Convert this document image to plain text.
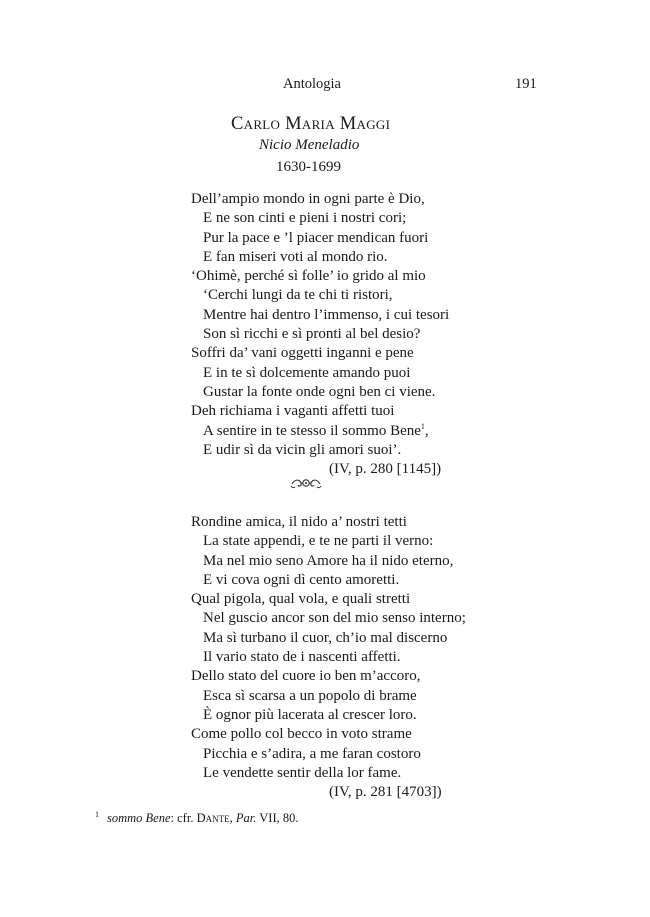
Antologia	191
Carlo Maria Maggi
Nicio Meneladio
1630-1699
Dell’ampio mondo in ogni parte è Dio,
E ne son cinti e pieni i nostri cori;
Pur la pace e ’l piacer mendican fuori
E fan miseri voti al mondo rio.
‘Ohimè, perché sì folle’ io grido al mio
‘Cerchi lungi da te chi ti ristori,
Mentre hai dentro l’immenso, i cui tesori
Son sì ricchi e sì pronti al bel desio?
Soffri da’ vani oggetti inganni e pene
E in te sì dolcemente amando puoi
Gustar la fonte onde ogni ben ci viene.
Deh richiama i vaganti affetti tuoi
A sentire in te stesso il sommo Bene$^1$,
E udir sì da vicin gli amori suoi’.
(IV, p. 280 [1145])
Rondine amica, il nido a’ nostri tetti
La state appendi, e te ne parti il verno:
Ma nel mio seno Amore ha il nido eterno,
E vi cova ogni dì cento amoretti.
Qual pigola, qual vola, e quali stretti
Nel guscio ancor son del mio senso interno;
Ma sì turbano il cuor, ch’io mal discerno
Il vario stato de i nascenti affetti.
Dello stato del cuore io ben m’accoro,
Esca sì scarsa a un popolo di brame
È ognor più lacerata al crescer loro.
Come pollo col becco in voto strame
Picchia e s’adira, a me faran costoro
Le vendette sentir della lor fame.
(IV, p. 281 [4703])
$^1$ sommo Bene: cfr. Dante, Par. VII, 80.
